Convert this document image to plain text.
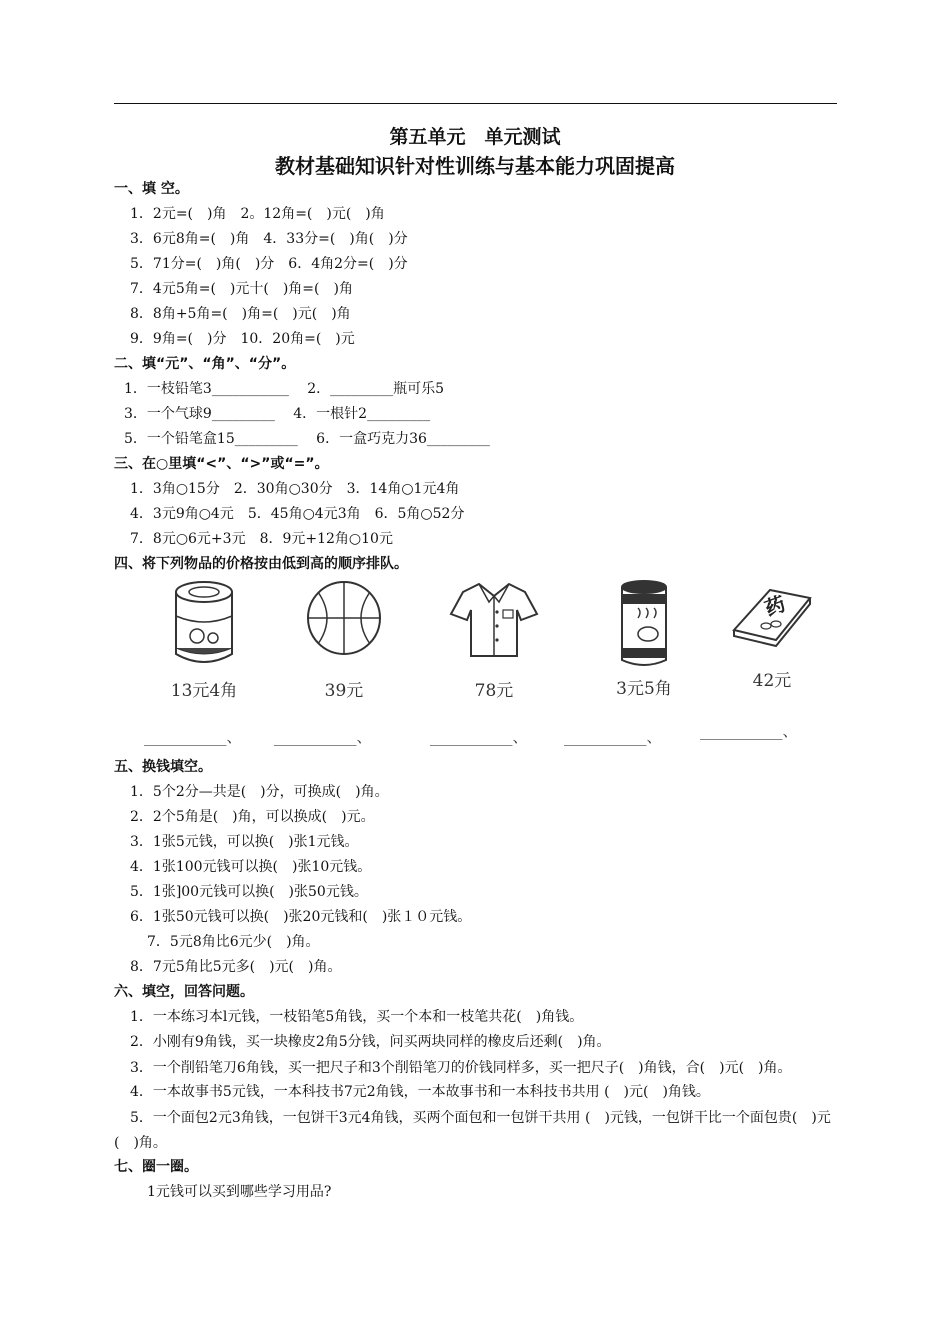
第五单元　单元测试
教材基础知识针对性训练与基本能力巩固提高
一、填 空。
1．2元=(　)角　2。12角=(　)元(　)角
3．6元8角=(　)角　4．33分=(　)角(　)分
5．71分=(　)角(　)分　6．4角2分=(　)分
7．4元5角=(　)元十(　)角=(　)角
8．8角+5角=(　)角=(　)元(　)角
9．9角=(　)分　10．20角=(　)元
二、填“元”、“角”、“分”。
1．一枝铅笔3___________　 2．_________瓶可乐5
3．一个气球9_________　 4．一根针2_________
5．一个铅笔盒15_________　 6．一盒巧克力36_________
三、在○里填“<”、“>”或“=”。
1．3角○15分　2．30角○30分　3．14角○1元4角
4．3元9角○4元　5．45角○4元3角　6．5角○52分
7．8元○6元+3元　8．9元+12角○10元
四、将下列物品的价格按由低到高的顺序排队。
13元4角	39元	78元	3元5角
药
42元
___________、 ___________、	___________、 ___________、	___________、
五、换钱填空。
1．5个2分—共是(　)分，可换成(　)角。
2．2个5角是(　)角，可以换成(　)元。
3．1张5元钱，可以换(　)张1元钱。
4．1张100元钱可以换(　)张10元钱。
5．1张]00元钱可以换(　)张50元钱。
6．1张50元钱可以换(　)张20元钱和(　)张１０元钱。
7．5元8角比6元少(　)角。
8．7元5角比5元多(　)元(　)角。
六、填空，回答问题。
1．一本练习本l元钱，一枝铅笔5角钱，买一个本和一枝笔共花(　)角钱。
2．小刚有9角钱，买一块橡皮2角5分钱，问买两块同样的橡皮后还剩(　)角。
3．一个削铅笔刀6角钱，买一把尺子和3个削铅笔刀的价钱同样多，买一把尺子(　)角钱，合(　)元(　)角。
4．一本故事书5元钱，一本科技书7元2角钱，一本故事书和一本科技书共用 (　)元(　)角钱。
5．一个面包2元3角钱，一包饼干3元4角钱，买两个面包和一包饼干共用 (　)元钱，一包饼干比一个面包贵(　)元(　)角。
七、圈一圈。
1元钱可以买到哪些学习用品?
